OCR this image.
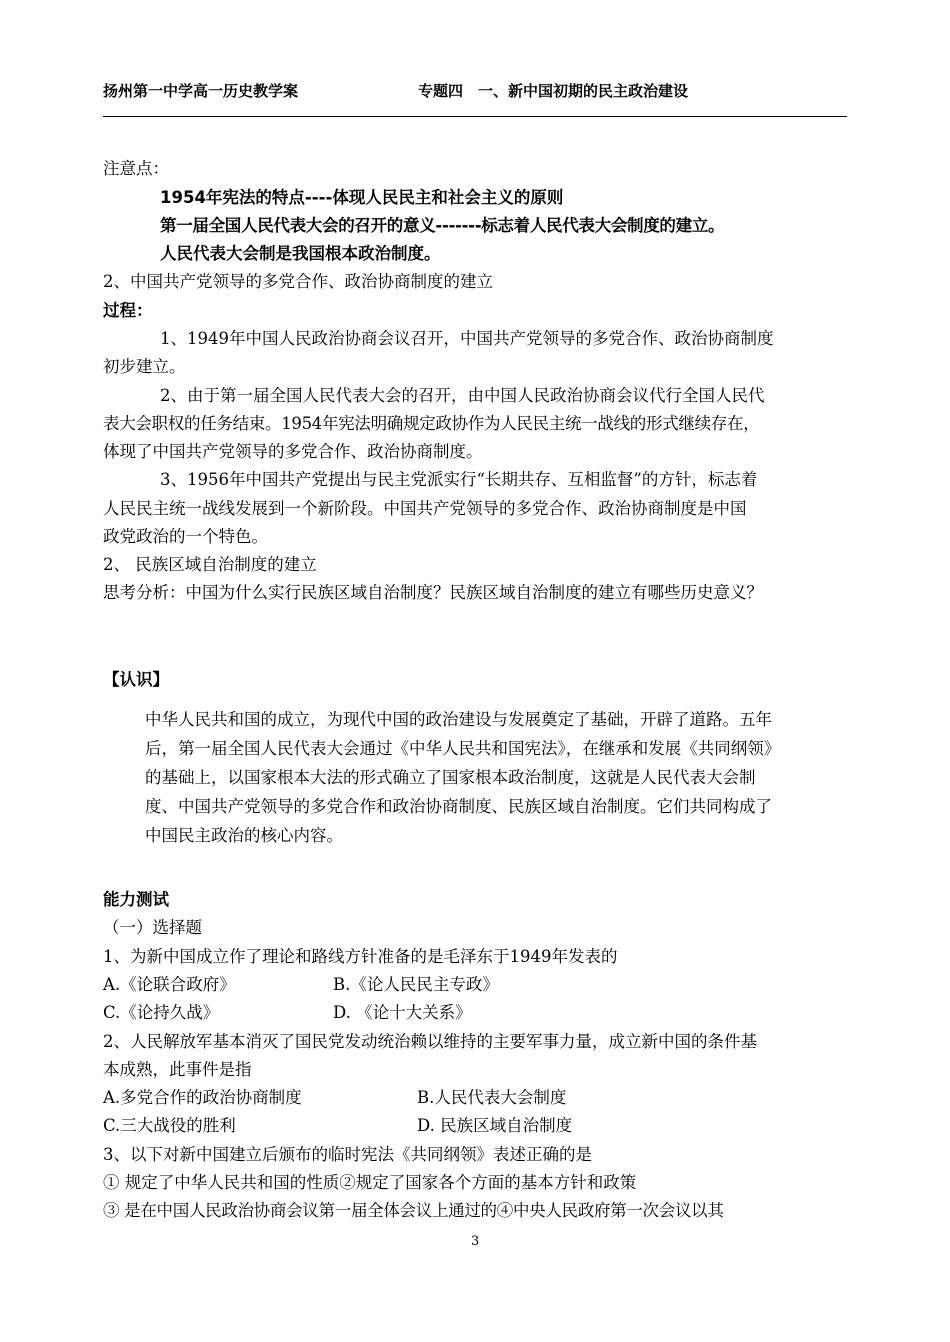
扬州第一中学高一历史教学案	专题四　一、新中国初期的民主政治建设
注意点：
1954年宪法的特点----体现人民民主和社会主义的原则
第一届全国人民代表大会的召开的意义-------标志着人民代表大会制度的建立。
人民代表大会制是我国根本政治制度。
2、中国共产党领导的多党合作、政治协商制度的建立
过程：
1、1949年中国人民政治协商会议召开，中国共产党领导的多党合作、政治协商制度
初步建立。
2、由于第一届全国人民代表大会的召开，由中国人民政治协商会议代行全国人民代
表大会职权的任务结束。1954年宪法明确规定政协作为人民民主统一战线的形式继续存在，
体现了中国共产党领导的多党合作、政治协商制度。
3、1956年中国共产党提出与民主党派实行“长期共存、互相监督”的方针，标志着
人民民主统一战线发展到一个新阶段。中国共产党领导的多党合作、政治协商制度是中国
政党政治的一个特色。
2、 民族区域自治制度的建立
思考分析：中国为什么实行民族区域自治制度？民族区域自治制度的建立有哪些历史意义？
【认识】
中华人民共和国的成立，为现代中国的政治建设与发展奠定了基础，开辟了道路。五年
后，第一届全国人民代表大会通过《中华人民共和国宪法》，在继承和发展《共同纲领》
的基础上，以国家根本大法的形式确立了国家根本政治制度，这就是人民代表大会制
度、中国共产党领导的多党合作和政治协商制度、民族区域自治制度。它们共同构成了
中国民主政治的核心内容。
能力测试
（一）选择题
1、为新中国成立作了理论和路线方针准备的是毛泽东于1949年发表的
A.《论联合政府》	B.《论人民民主专政》
C.《论持久战》	D. 《论十大关系》
2、人民解放军基本消灭了国民党发动统治赖以维持的主要军事力量，成立新中国的条件基
本成熟，此事件是指
A.多党合作的政治协商制度	B.人民代表大会制度
C.三大战役的胜利	D. 民族区域自治制度
3、以下对新中国建立后颁布的临时宪法《共同纲领》表述正确的是
① 规定了中华人民共和国的性质②规定了国家各个方面的基本方针和政策
③ 是在中国人民政治协商会议第一届全体会议上通过的④中央人民政府第一次会议以其
3
